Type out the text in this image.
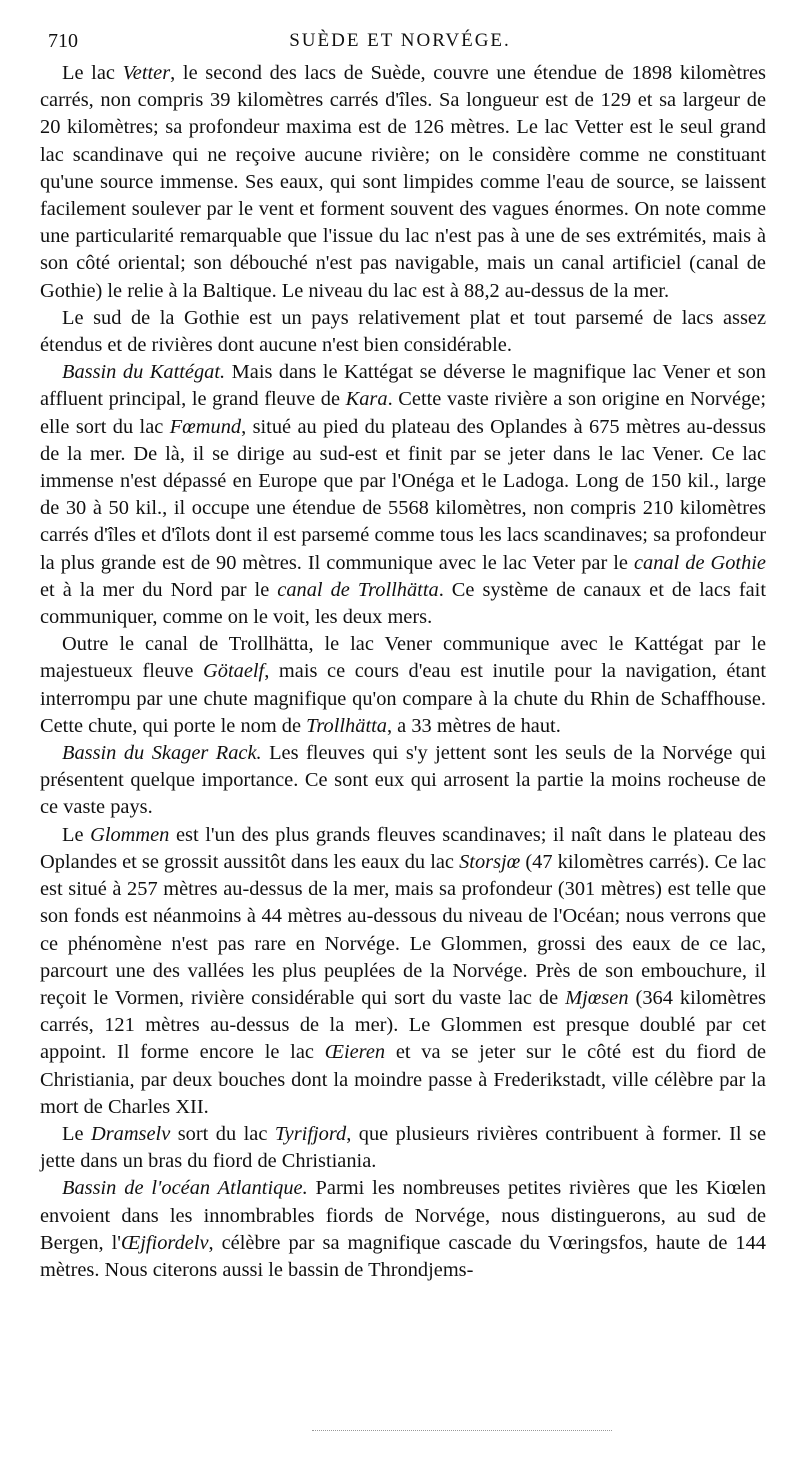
710	SUÈDE ET NORVÉGE.

Le lac Vetter, le second des lacs de Suède, couvre une étendue de 1898 kilomètres carrés, non compris 39 kilomètres carrés d'îles. Sa longueur est de 129 et sa largeur de 20 kilomètres; sa profondeur maxima est de 126 mètres. Le lac Vetter est le seul grand lac scandinave qui ne reçoive aucune rivière; on le considère comme ne constituant qu'une source immense. Ses eaux, qui sont limpides comme l'eau de source, se laissent facilement soulever par le vent et forment souvent des vagues énormes. On note comme une particularité remarquable que l'issue du lac n'est pas à une de ses extrémités, mais à son côté oriental; son débouché n'est pas navigable, mais un canal artificiel (canal de Gothie) le relie à la Baltique. Le niveau du lac est à 88,2 au-dessus de la mer.

Le sud de la Gothie est un pays relativement plat et tout parsemé de lacs assez étendus et de rivières dont aucune n'est bien considérable.

Bassin du Kattégat. Mais dans le Kattégat se déverse le magnifique lac Vener et son affluent principal, le grand fleuve de Kara. Cette vaste rivière a son origine en Norvége; elle sort du lac Fœmund, situé au pied du plateau des Oplandes à 675 mètres au-dessus de la mer. De là, il se dirige au sud-est et finit par se jeter dans le lac Vener. Ce lac immense n'est dépassé en Europe que par l'Onéga et le Ladoga. Long de 150 kil., large de 30 à 50 kil., il occupe une étendue de 5568 kilomètres, non compris 210 kilomètres carrés d'îles et d'îlots dont il est parsemé comme tous les lacs scandinaves; sa profondeur la plus grande est de 90 mètres. Il communique avec le lac Veter par le canal de Gothie et à la mer du Nord par le canal de Trollhätta. Ce système de canaux et de lacs fait communiquer, comme on le voit, les deux mers.

Outre le canal de Trollhätta, le lac Vener communique avec le Kattégat par le majestueux fleuve Götaelf, mais ce cours d'eau est inutile pour la navigation, étant interrompu par une chute magnifique qu'on compare à la chute du Rhin de Schaffhouse. Cette chute, qui porte le nom de Trollhätta, a 33 mètres de haut.

Bassin du Skager Rack. Les fleuves qui s'y jettent sont les seuls de la Norvége qui présentent quelque importance. Ce sont eux qui arrosent la partie la moins rocheuse de ce vaste pays.

Le Glommen est l'un des plus grands fleuves scandinaves; il naît dans le plateau des Oplandes et se grossit aussitôt dans les eaux du lac Storsjœ (47 kilomètres carrés). Ce lac est situé à 257 mètres au-dessus de la mer, mais sa profondeur (301 mètres) est telle que son fonds est néanmoins à 44 mètres au-dessous du niveau de l'Océan; nous verrons que ce phénomène n'est pas rare en Norvége. Le Glommen, grossi des eaux de ce lac, parcourt une des vallées les plus peuplées de la Norvége. Près de son embouchure, il reçoit le Vormen, rivière considérable qui sort du vaste lac de Mjœsen (364 kilomètres carrés, 121 mètres au-dessus de la mer). Le Glommen est presque doublé par cet appoint. Il forme encore le lac Œieren et va se jeter sur le côté est du fiord de Christiania, par deux bouches dont la moindre passe à Frederikstadt, ville célèbre par la mort de Charles XII.

Le Dramselv sort du lac Tyrifjord, que plusieurs rivières contribuent à former. Il se jette dans un bras du fiord de Christiania.

Bassin de l'océan Atlantique. Parmi les nombreuses petites rivières que les Kiœlen envoient dans les innombrables fiords de Norvége, nous distinguerons, au sud de Bergen, l'Œjfiordelv, célèbre par sa magnifique cascade du Vœringsfos, haute de 144 mètres. Nous citerons aussi le bassin de Throndjems-
